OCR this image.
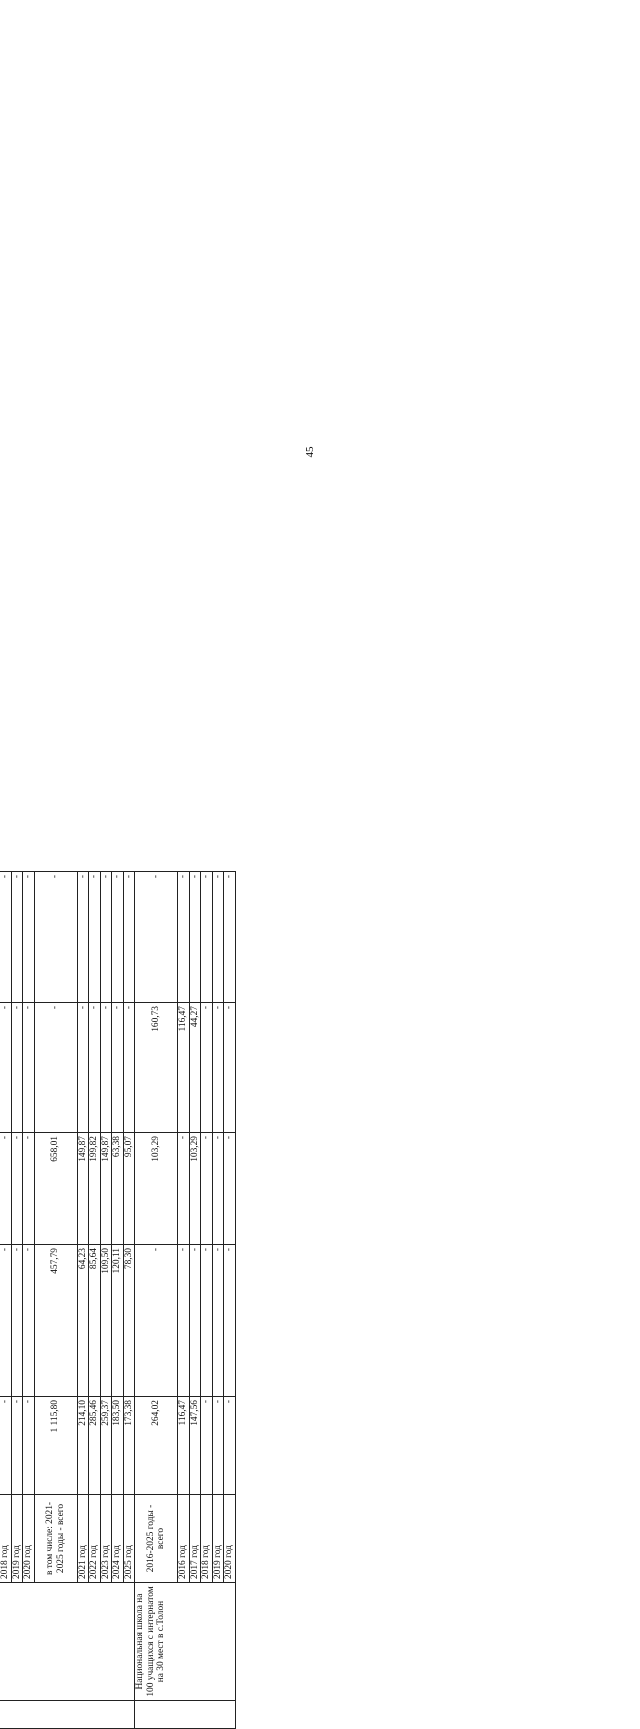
45

		2018 год	-	-	-	-	-
		2019 год	-	-	-	-	-
		2020 год	-	-	-	-	-
		в том числе: 2021-2025 годы - всего	1 115,80	457,79	658,01	-	-
		2021 год	214,10	64,23	149,87	-	-
		2022 год	285,46	85,64	199,82	-	-
		2023 год	259,37	109,50	149,87	-	-
		2024 год	183,50	120,11	63,38	-	-
		2025 год	173,38	78,30	95,07	-	-
	Национальная школа на 100 учащихся с интернатом на 30 мест в с.Толон	2016-2025 годы - всего	264,02	-	103,29	160,73	-
		2016 год	116,47	-	-	116,47	-
		2017 год	147,56	-	103,29	44,27	-
		2018 год	-	-	-	-	-
		2019 год	-	-	-	-	-
		2020 год	-	-	-	-	-
